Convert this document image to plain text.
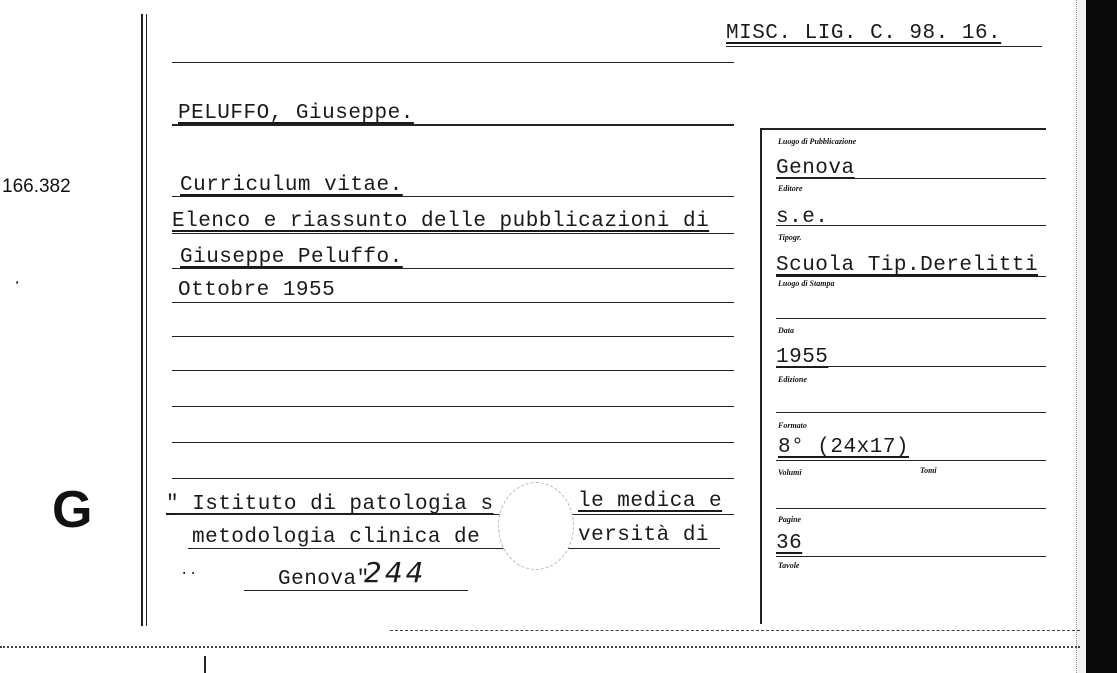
166.382
·
G
MISC. LIG. C. 98. 16.
PELUFFO, Giuseppe.
Curriculum vitae.
Elenco e riassunto delle pubblicazioni di
Giuseppe Peluffo.
Ottobre 1955
" Istituto di patologia s	le medica e
metodologia clinica de	versità di
··	Genova"
244
Luogo di Pubblicazione
Genova
Editore
s.e.
Tipogr.
Scuola Tip.Derelitti
Luogo di Stampa
Data
1955
Edizione
Formato
8° (24x17)
Volumi	Tomi
Pagine
36
Tavole
